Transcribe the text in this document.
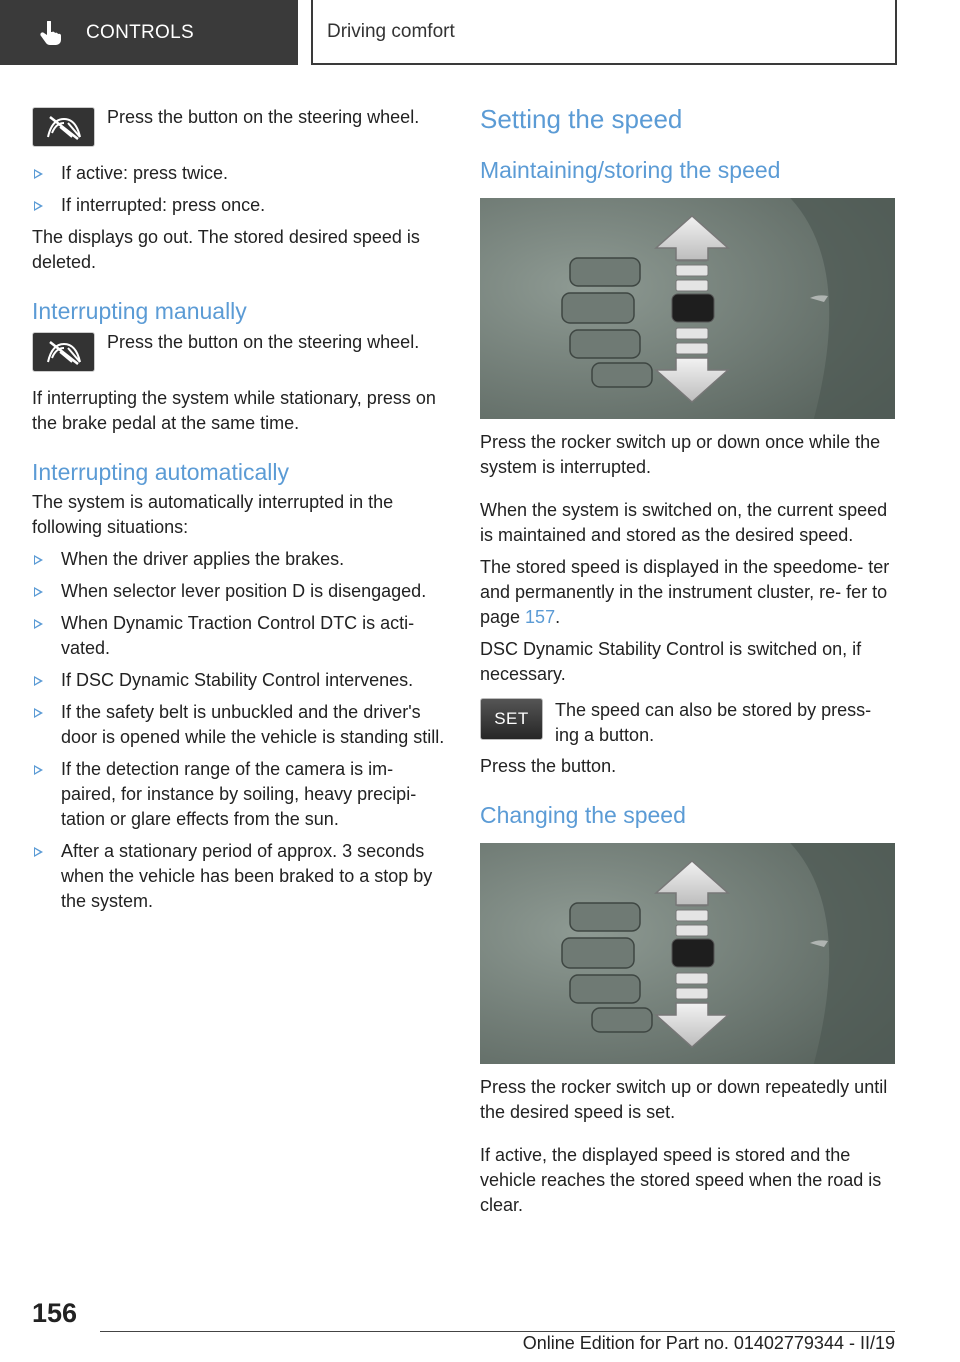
CONTROLS	Driving comfort

Press the button on the steering wheel.

If active: press twice.
If interrupted: press once.

The displays go out. The stored desired speed is deleted.

Interrupting manually

Press the button on the steering wheel.

If interrupting the system while stationary, press on the brake pedal at the same time.

Interrupting automatically

The system is automatically interrupted in the following situations:

When the driver applies the brakes.
When selector lever position D is disengaged.
When Dynamic Traction Control DTC is acti‐ vated.
If DSC Dynamic Stability Control intervenes.
If the safety belt is unbuckled and the driver's door is opened while the vehicle is standing still.
If the detection range of the camera is im‐ paired, for instance by soiling, heavy precipi‐ tation or glare effects from the sun.
After a stationary period of approx. 3 seconds when the vehicle has been braked to a stop by the system.
Setting the speed
Maintaining/storing the speed

Press the rocker switch up or down once while the system is interrupted.

When the system is switched on, the current speed is maintained and stored as the desired speed.

The stored speed is displayed in the speedome‐ ter and permanently in the instrument cluster, re‐ fer to page 157.

DSC Dynamic Stability Control is switched on, if necessary.

SET	The speed can also be stored by press‐ ing a button.

Press the button.

Changing the speed

Press the rocker switch up or down repeatedly until the desired speed is set.

If active, the displayed speed is stored and the vehicle reaches the stored speed when the road is clear.

156
Online Edition for Part no. 01402779344 - II/19
